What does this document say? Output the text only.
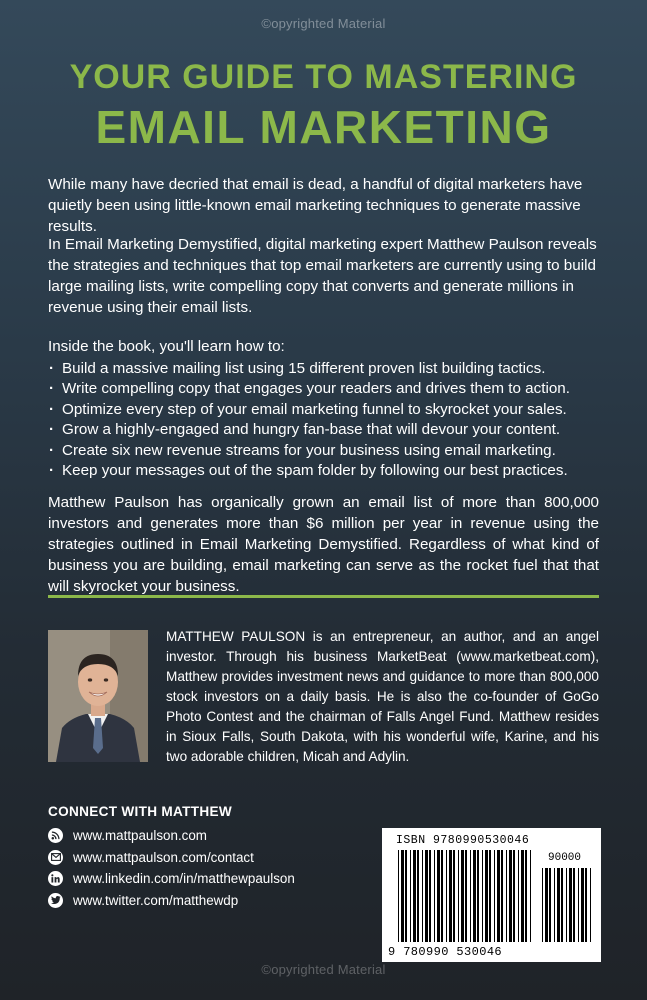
©opyrighted Material
YOUR GUIDE TO MASTERING
EMAIL MARKETING

While many have decried that email is dead, a handful of digital marketers have quietly been using little-known email marketing techniques to generate massive results.

In Email Marketing Demystified, digital marketing expert Matthew Paulson reveals the strategies and techniques that top email marketers are currently using to build large mailing lists, write compelling copy that converts and generate millions in revenue using their email lists.

Inside the book, you'll learn how to:
· Build a massive mailing list using 15 different proven list building tactics.
· Write compelling copy that engages your readers and drives them to action.
· Optimize every step of your email marketing funnel to skyrocket your sales.
· Grow a highly-engaged and hungry fan-base that will devour your content.
· Create six new revenue streams for your business using email marketing.
· Keep your messages out of the spam folder by following our best practices.

Matthew Paulson has organically grown an email list of more than 800,000 investors and generates more than $6 million per year in revenue using the strategies outlined in Email Marketing Demystified. Regardless of what kind of business you are building, email marketing can serve as the rocket fuel that that will skyrocket your business.

MATTHEW PAULSON is an entrepreneur, an author, and an angel investor. Through his business MarketBeat (www.marketbeat.com), Matthew provides investment news and guidance to more than 800,000 stock investors on a daily basis. He is also the co-founder of GoGo Photo Contest and the chairman of Falls Angel Fund. Matthew resides in Sioux Falls, South Dakota, with his wonderful wife, Karine, and his two adorable children, Micah and Adylin.

CONNECT WITH MATTHEW
www.mattpaulson.com
www.mattpaulson.com/contact
www.linkedin.com/in/matthewpaulson
www.twitter.com/matthewdp
ISBN 9780990530046
90000
9 780990 530046
©opyrighted Material
